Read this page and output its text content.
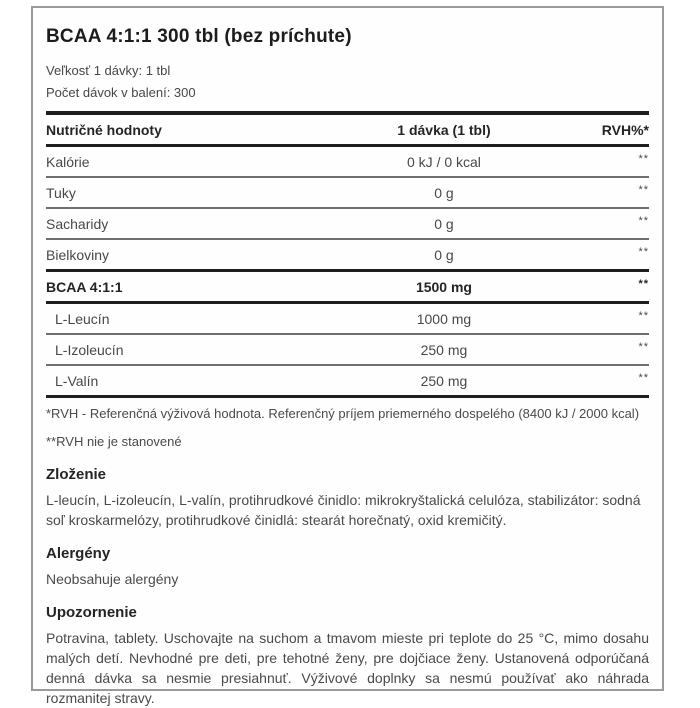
BCAA 4:1:1 300 tbl (bez príchute)
Veľkosť 1 dávky: 1 tbl
Počet dávok v balení: 300
Nutričné hodnoty	1 dávka (1 tbl)	RVH%*
Kalórie	0 kJ / 0 kcal	**
Tuky	0 g	**
Sacharidy	0 g	**
Bielkoviny	0 g	**
BCAA 4:1:1	1500 mg	**
L-Leucín	1000 mg	**
L-Izoleucín	250 mg	**
L-Valín	250 mg	**

*RVH - Referenčná výživová hodnota. Referenčný príjem priemerného dospelého (8400 kJ / 2000 kcal)

**RVH nie je stanovené

Zloženie

L-leucín, L-izoleucín, L-valín, protihrudkové činidlo: mikrokryštalická celulóza, stabilizátor: sodná soľ kroskarmelózy, protihrudkové činidlá: stearát horečnatý, oxid kremičitý.

Alergény

Neobsahuje alergény

Upozornenie

Potravina, tablety. Uschovajte na suchom a tmavom mieste pri teplote do 25 °C, mimo dosahu malých detí. Nevhodné pre deti, pre tehotné ženy, pre dojčiace ženy. Ustanovená odporúčaná denná dávka sa nesmie presiahnuť. Výživové doplnky sa nesmú používať ako náhrada rozmanitej stravy.
